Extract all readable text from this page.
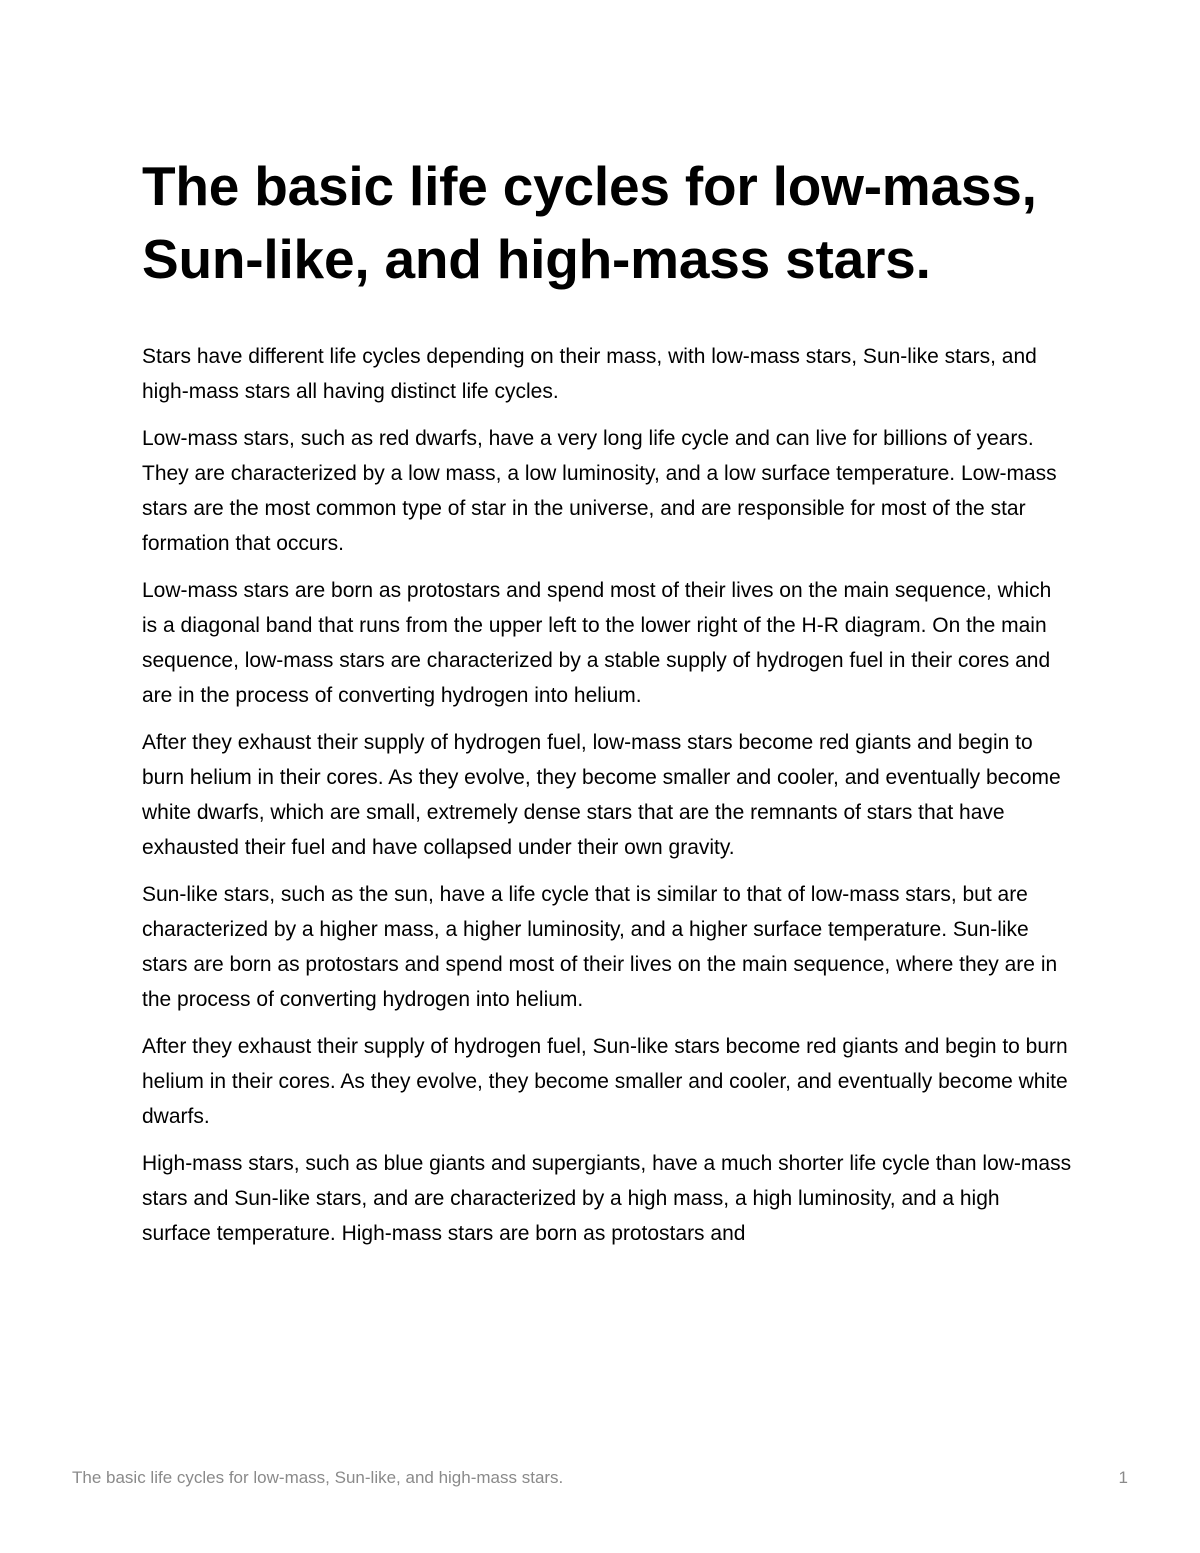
The basic life cycles for low-mass, Sun-like, and high-mass stars.

Stars have different life cycles depending on their mass, with low-mass stars, Sun-like stars, and high-mass stars all having distinct life cycles.

Low-mass stars, such as red dwarfs, have a very long life cycle and can live for billions of years. They are characterized by a low mass, a low luminosity, and a low surface temperature. Low-mass stars are the most common type of star in the universe, and are responsible for most of the star formation that occurs.

Low-mass stars are born as protostars and spend most of their lives on the main sequence, which is a diagonal band that runs from the upper left to the lower right of the H-R diagram. On the main sequence, low-mass stars are characterized by a stable supply of hydrogen fuel in their cores and are in the process of converting hydrogen into helium.

After they exhaust their supply of hydrogen fuel, low-mass stars become red giants and begin to burn helium in their cores. As they evolve, they become smaller and cooler, and eventually become white dwarfs, which are small, extremely dense stars that are the remnants of stars that have exhausted their fuel and have collapsed under their own gravity.

Sun-like stars, such as the sun, have a life cycle that is similar to that of low-mass stars, but are characterized by a higher mass, a higher luminosity, and a higher surface temperature. Sun-like stars are born as protostars and spend most of their lives on the main sequence, where they are in the process of converting hydrogen into helium.

After they exhaust their supply of hydrogen fuel, Sun-like stars become red giants and begin to burn helium in their cores. As they evolve, they become smaller and cooler, and eventually become white dwarfs.

High-mass stars, such as blue giants and supergiants, have a much shorter life cycle than low-mass stars and Sun-like stars, and are characterized by a high mass, a high luminosity, and a high surface temperature. High-mass stars are born as protostars and

The basic life cycles for low-mass, Sun-like, and high-mass stars.	1
